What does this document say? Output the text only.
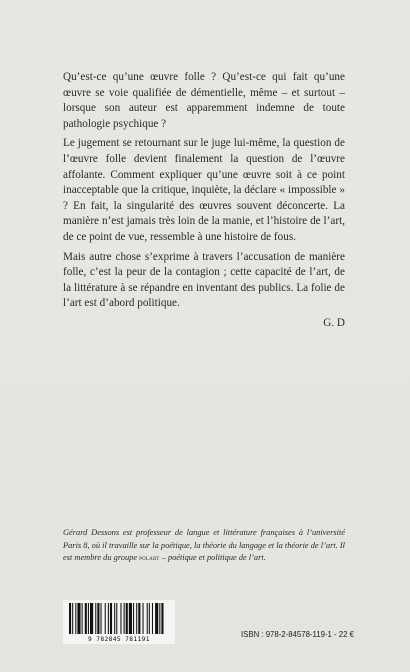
Qu’est-ce qu’une œuvre folle ? Qu’est-ce qui fait qu’une œuvre se voie qualifiée de démentielle, même – et surtout – lorsque son auteur est apparemment indemne de toute pathologie psychique ?

Le jugement se retournant sur le juge lui-même, la question de l’œuvre folle devient finalement la question de l’œuvre affolante. Comment expliquer qu’une œuvre soit à ce point inacceptable que la critique, inquiète, la déclare « impossible » ? En fait, la singularité des œuvres souvent déconcerte. La manière n’est jamais très loin de la manie, et l’histoire de l’art, de ce point de vue, ressemble à une histoire de fous.

Mais autre chose s’exprime à travers l’accusation de manière folle, c’est la peur de la contagion ; cette capacité de l’art, de la littérature à se répandre en inventant des publics. La folie de l’art est d’abord politique.

G. D
Gérard Dessons est professeur de langue et littérature françaises à l’université Paris 8, où il travaille sur la poétique, la théorie du langage et la théorie de l’art. Il est membre du groupe polart – poétique et politique de l’art.
9 782845 781191
ISBN : 978-2-84578-119-1 - 22 €
